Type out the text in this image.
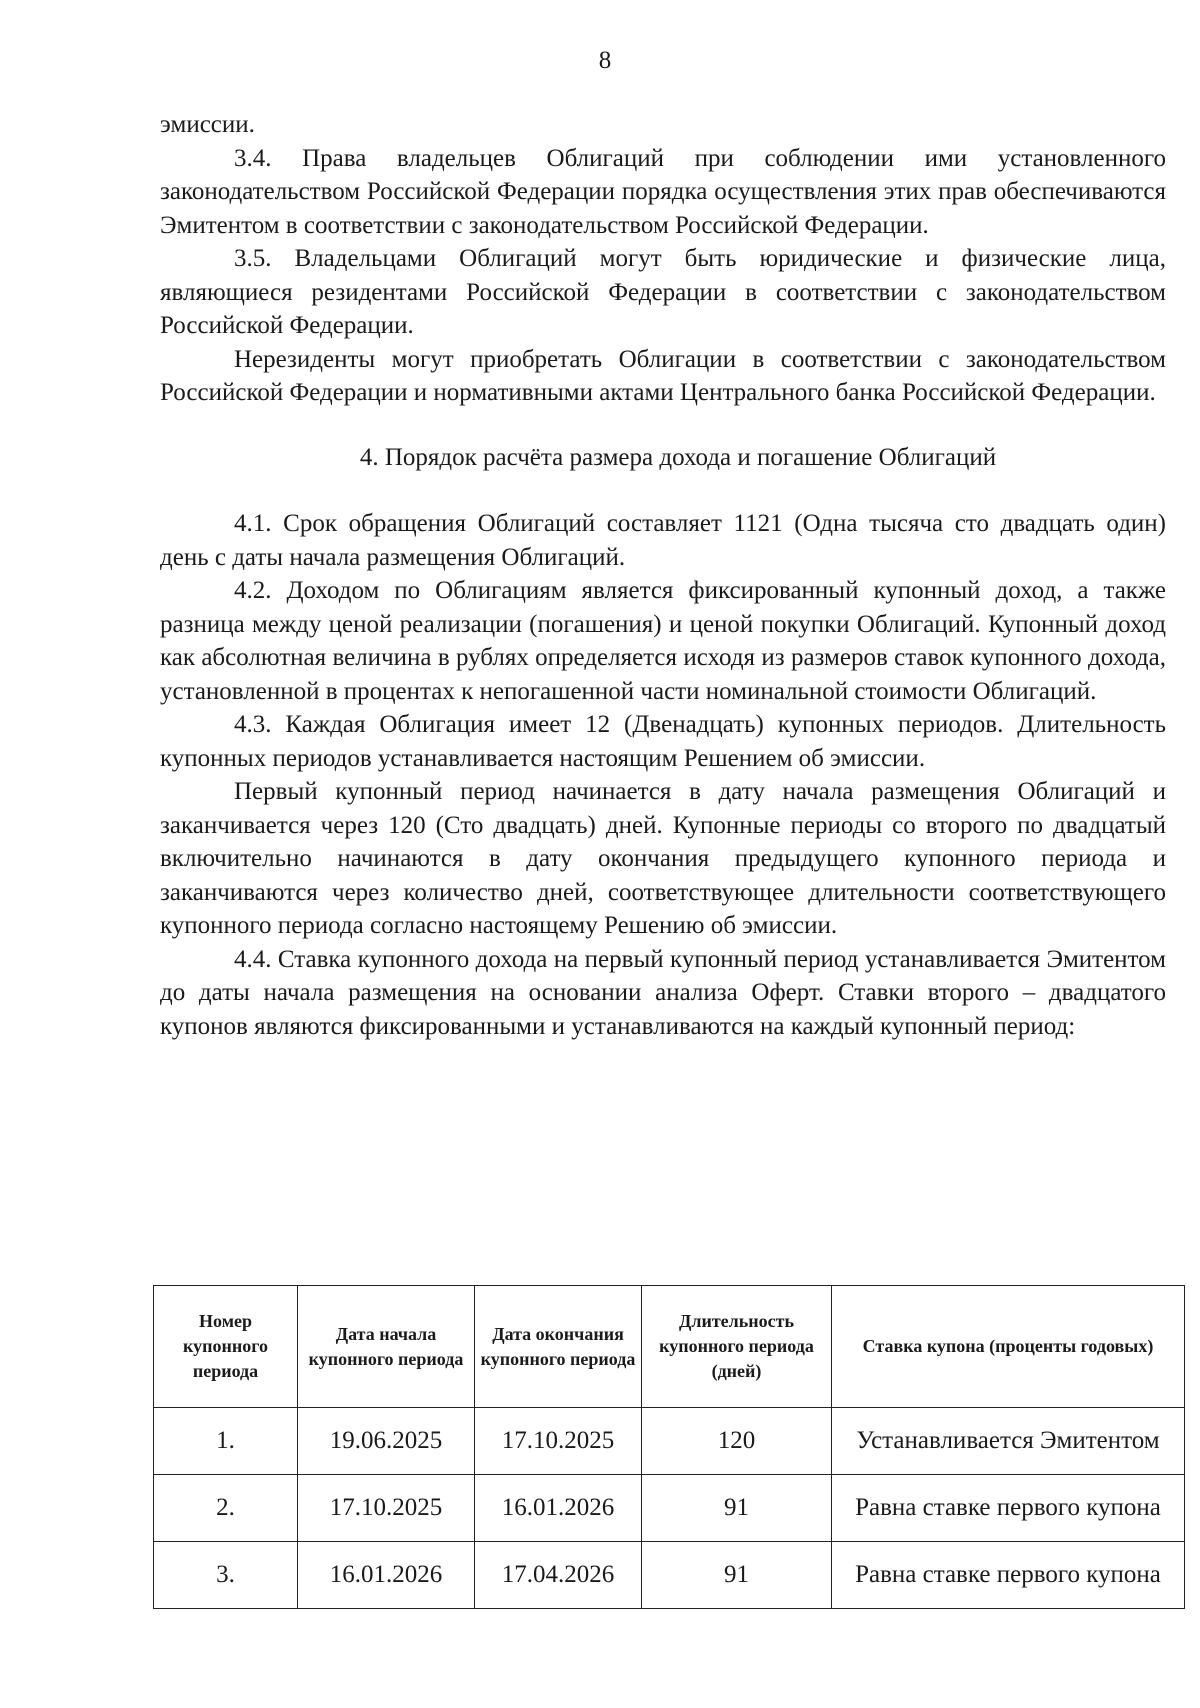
8

эмиссии.

3.4. Права владельцев Облигаций при соблюдении ими установленного законодательством Российской Федерации порядка осуществления этих прав обеспечиваются Эмитентом в соответствии с законодательством Российской Федерации.

3.5. Владельцами Облигаций могут быть юридические и физические лица, являющиеся резидентами Российской Федерации в соответствии с законодательством Российской Федерации.

Нерезиденты могут приобретать Облигации в соответствии с законодательством Российской Федерации и нормативными актами Центрального банка Российской Федерации.

4. Порядок расчёта размера дохода и погашение Облигаций

4.1. Срок обращения Облигаций составляет 1121 (Одна тысяча сто двадцать один) день с даты начала размещения Облигаций.

4.2. Доходом по Облигациям является фиксированный купонный доход, а также разница между ценой реализации (погашения) и ценой покупки Облигаций. Купонный доход как абсолютная величина в рублях определяется исходя из размеров ставок купонного дохода, установленной в процентах к непогашенной части номинальной стоимости Облигаций.

4.3. Каждая Облигация имеет 12 (Двенадцать) купонных периодов. Длительность купонных периодов устанавливается настоящим Решением об эмиссии.

Первый купонный период начинается в дату начала размещения Облигаций и заканчивается через 120 (Сто двадцать) дней. Купонные периоды со второго по двадцатый включительно начинаются в дату окончания предыдущего купонного периода и заканчиваются через количество дней, соответствующее длительности соответствующего купонного периода согласно настоящему Решению об эмиссии.

4.4. Ставка купонного дохода на первый купонный период устанавливается Эмитентом до даты начала размещения на основании анализа Оферт. Ставки второго – двадцатого купонов являются фиксированными и устанавливаются на каждый купонный период:

Номер купонного периода	Дата начала купонного периода	Дата окончания купонного периода	Длительность купонного периода (дней)	Ставка купона (проценты годовых)
1.	19.06.2025	17.10.2025	120	Устанавливается Эмитентом
2.	17.10.2025	16.01.2026	91	Равна ставке первого купона
3.	16.01.2026	17.04.2026	91	Равна ставке первого купона
